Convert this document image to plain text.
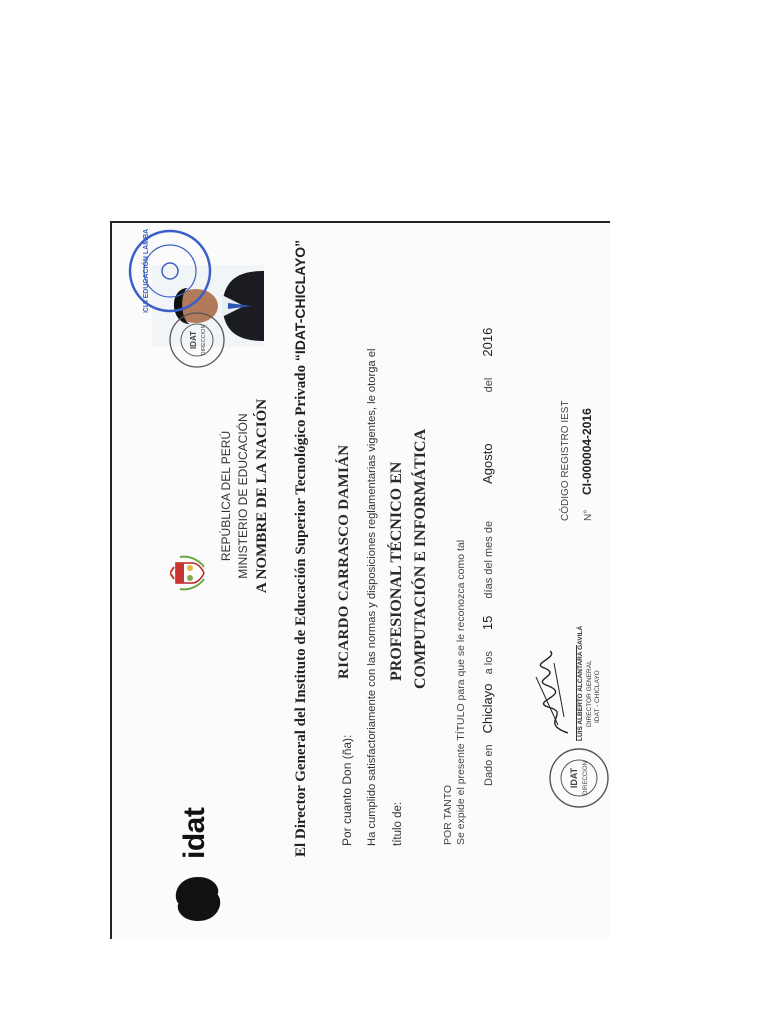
idat
IDAT DIRECCION
El Director General del Instituto de Educación Superior Tecnológico Privado “IDAT-CHICLAYO”
REPÚBLICA DEL PERÚ MINISTERIO DE EDUCACIÓN A NOMBRE DE LA NACIÓN
GERENCIA EDUCACIÓN LAMBAYEQUE
IDAT DIRECCION
Por cuanto Don (ña):
RICARDO CARRASCO DAMIÁN Ha cumplido satisfactoriamente con las normas y disposiciones reglamentarias vigentes, le otorga el título de:
PROFESIONAL TÉCNICO EN COMPUTACIÓN E INFORMÁTICA
POR TANTO Se expide el presente TÍTULO para que se le reconozca como tal Dado en Chiclayo a los 15 días del mes de Agosto del 2016
LUIS ALBERTO ALCÁNTARA GAVILÁ DIRECTOR GENERAL IDAT - CHICLAYO
CÓDIGO REGISTRO IEST	N° CI-000004-2016
